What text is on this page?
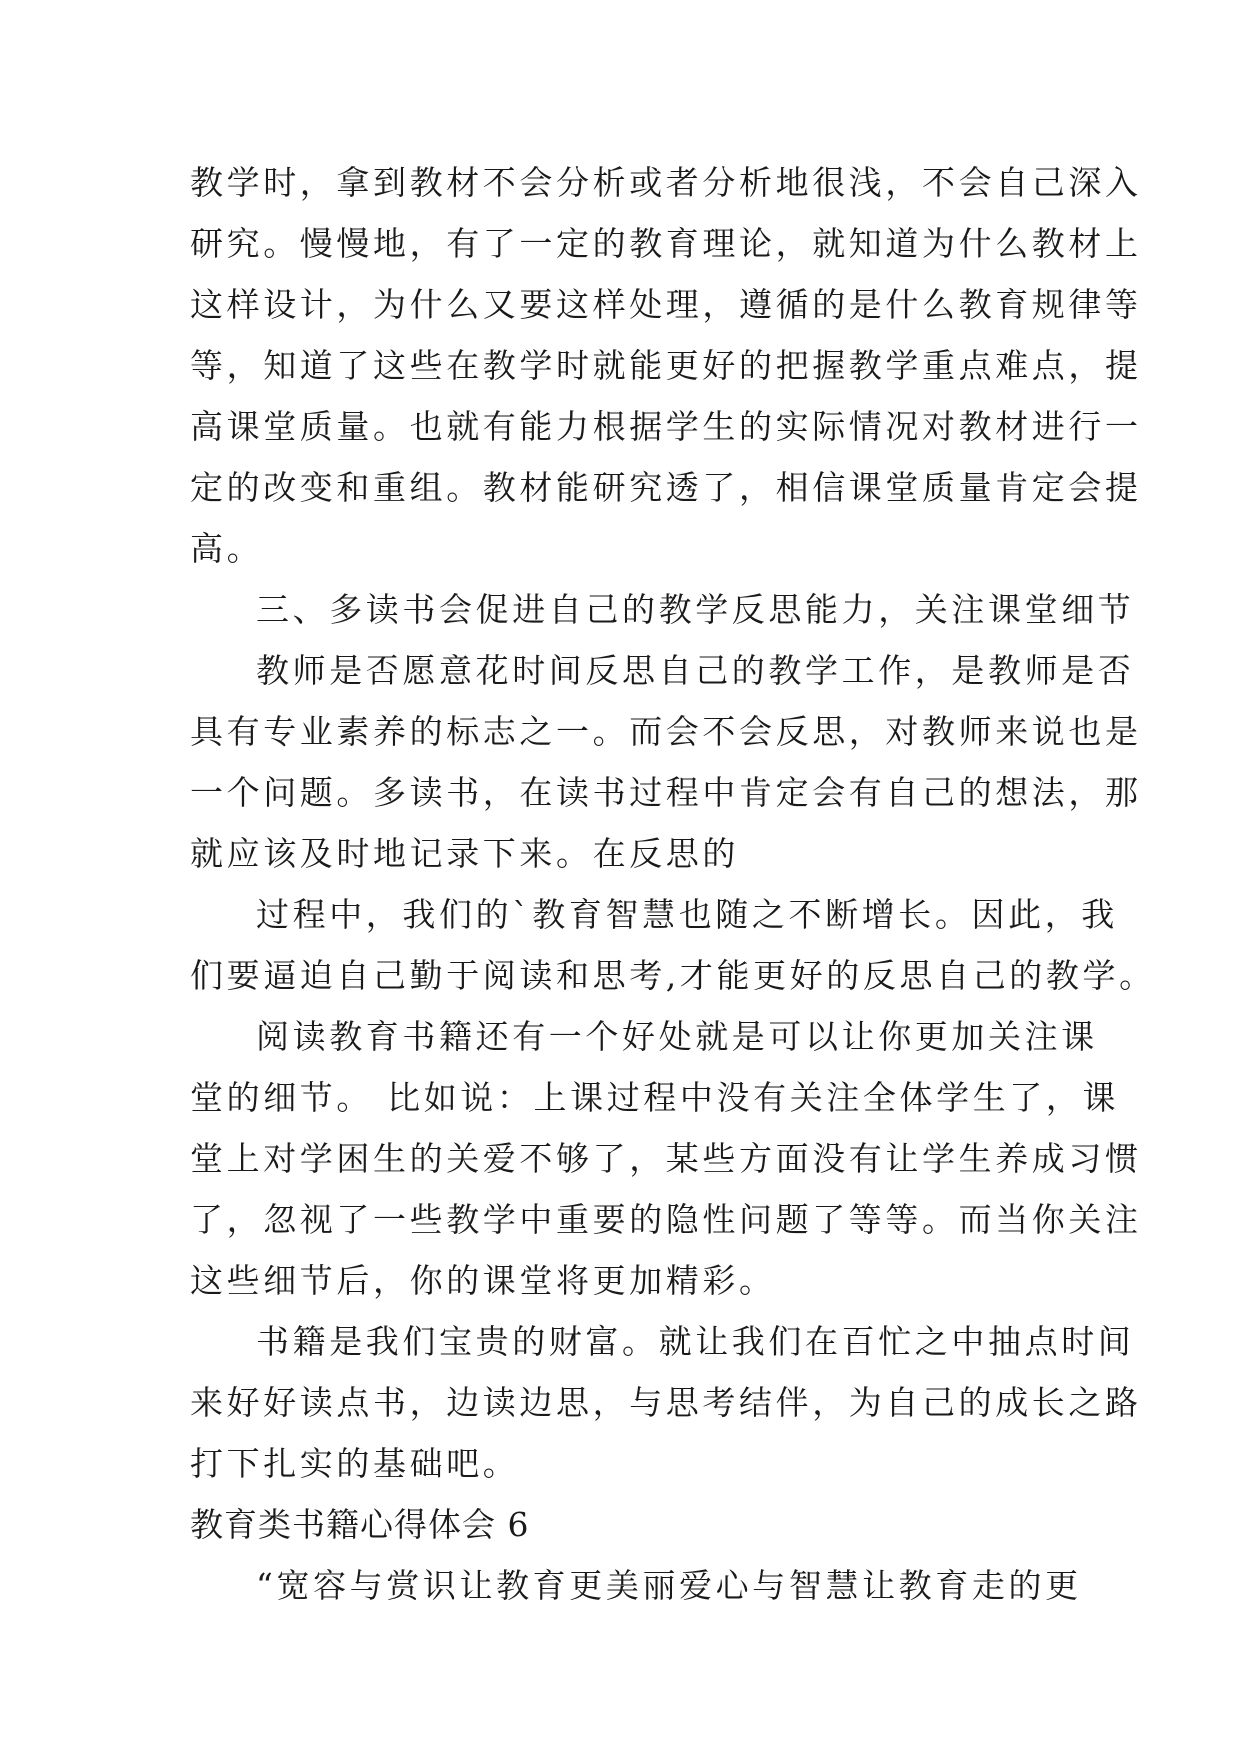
教学时，拿到教材不会分析或者分析地很浅，不会自己深入
研究。慢慢地，有了一定的教育理论，就知道为什么教材上
这样设计，为什么又要这样处理，遵循的是什么教育规律等
等，知道了这些在教学时就能更好的把握教学重点难点，提
高课堂质量。也就有能力根据学生的实际情况对教材进行一
定的改变和重组。教材能研究透了，相信课堂质量肯定会提
高。
三、多读书会促进自己的教学反思能力，关注课堂细节
教师是否愿意花时间反思自己的教学工作，是教师是否
具有专业素养的标志之一。而会不会反思，对教师来说也是
一个问题。多读书，在读书过程中肯定会有自己的想法，那
就应该及时地记录下来。在反思的
过程中，我们的`教育智慧也随之不断增长。因此，我
们要逼迫自己勤于阅读和思考,才能更好的反思自己的教学。
阅读教育书籍还有一个好处就是可以让你更加关注课
堂的细节。 比如说：上课过程中没有关注全体学生了，课
堂上对学困生的关爱不够了，某些方面没有让学生养成习惯
了，忽视了一些教学中重要的隐性问题了等等。而当你关注
这些细节后，你的课堂将更加精彩。
书籍是我们宝贵的财富。就让我们在百忙之中抽点时间
来好好读点书，边读边思，与思考结伴，为自己的成长之路
打下扎实的基础吧。
教育类书籍心得体会 6
“宽容与赏识让教育更美丽爱心与智慧让教育走的更
